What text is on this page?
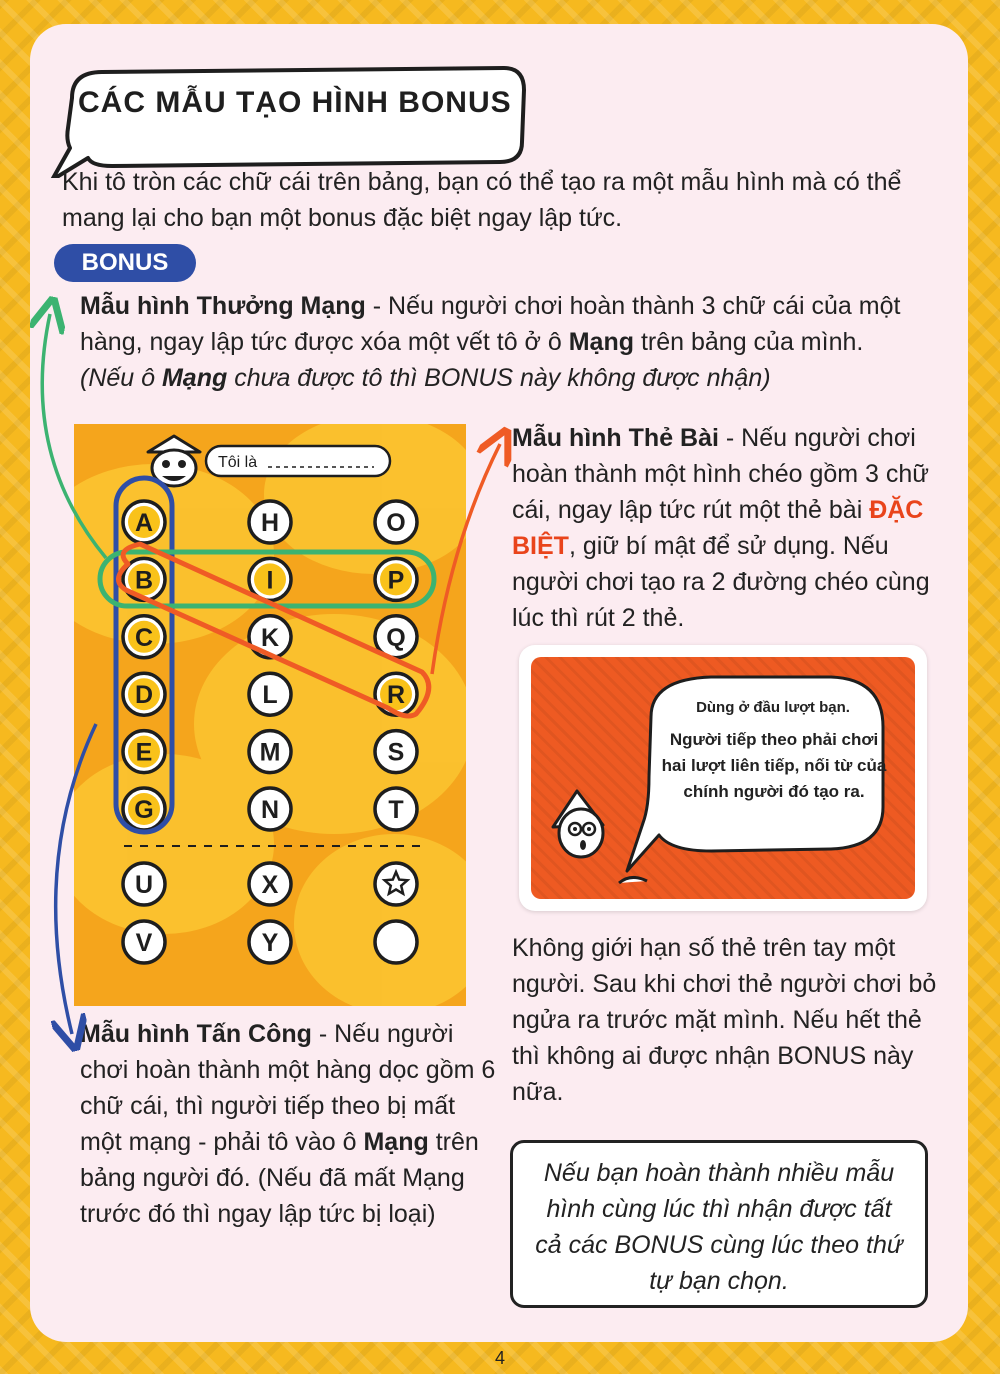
CÁC MẪU TẠO HÌNH BONUS
Khi tô tròn các chữ cái trên bảng, bạn có thể tạo ra một mẫu hình mà có thể mang lại cho bạn một bonus đặc biệt ngay lập tức.
BONUS
Mẫu hình Thưởng Mạng - Nếu người chơi hoàn thành 3 chữ cái của một hàng, ngay lập tức được xóa một vết tô ở ô Mạng trên bảng của mình.
(Nếu ô Mạng chưa được tô thì BONUS này không được nhận)
Tôi là
A
B
C
D
E
G
H
I
K
L
M
N
O
P
Q
R
S
T
U	X
V	Y
Mẫu hình Thẻ Bài - Nếu người chơi hoàn thành một hình chéo gồm 3 chữ cái, ngay lập tức rút một thẻ bài ĐẶC BIỆT, giữ bí mật để sử dụng. Nếu người chơi tạo ra 2 đường chéo cùng lúc thì rút 2 thẻ.
Dùng ở đầu lượt bạn.
Người tiếp theo phải chơi hai lượt liên tiếp, nối từ của chính người đó tạo ra.
Không giới hạn số thẻ trên tay một người. Sau khi chơi thẻ người chơi bỏ ngửa ra trước mặt mình. Nếu hết thẻ thì không ai được nhận BONUS này nữa.
Mẫu hình Tấn Công - Nếu người chơi hoàn thành một hàng dọc gồm 6 chữ cái, thì người tiếp theo bị mất một mạng - phải tô vào ô Mạng trên bảng người đó. (Nếu đã mất Mạng trước đó thì ngay lập tức bị loại)
Nếu bạn hoàn thành nhiều mẫu hình cùng lúc thì nhận được tất cả các BONUS cùng lúc theo thứ tự bạn chọn.
4
